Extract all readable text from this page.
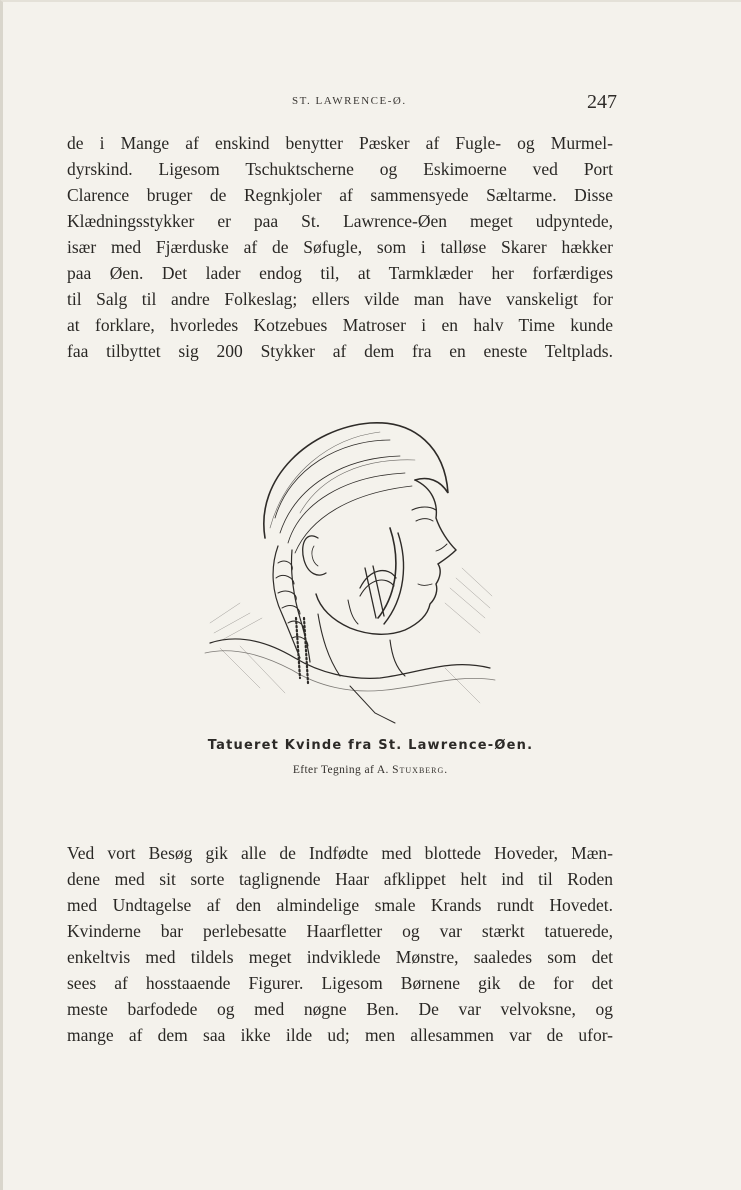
ST. LAWRENCE-Ø.	247
de i Mange af enskind benytter Pæsker af Fugle- og Murmel-
dyrskind. Ligesom Tschuktscherne og Eskimoerne ved Port
Clarence bruger de Regnkjoler af sammensyede Sæltarme. Disse
Klædningsstykker er paa St. Lawrence-Øen meget udpyntede,
især med Fjærduske af de Søfugle, som i talløse Skarer hækker
paa Øen. Det lader endog til, at Tarmklæder her forfærdiges
til Salg til andre Folkeslag; ellers vilde man have vanskeligt for
at forklare, hvorledes Kotzebues Matroser i en halv Time kunde
faa tilbyttet sig 200 Stykker af dem fra en eneste Teltplads.
Tatueret Kvinde fra St. Lawrence-Øen.
Efter Tegning af A. Stuxberg.
Ved vort Besøg gik alle de Indfødte med blottede Hoveder, Mæn-
dene med sit sorte taglignende Haar afklippet helt ind til Roden
med Undtagelse af den almindelige smale Krands rundt Hovedet.
Kvinderne bar perlebesatte Haarfletter og var stærkt tatuerede,
enkeltvis med tildels meget indviklede Mønstre, saaledes som det
sees af hosstaaende Figurer. Ligesom Børnene gik de for det
meste barfodede og med nøgne Ben. De var velvoksne, og
mange af dem saa ikke ilde ud; men allesammen var de ufor-
